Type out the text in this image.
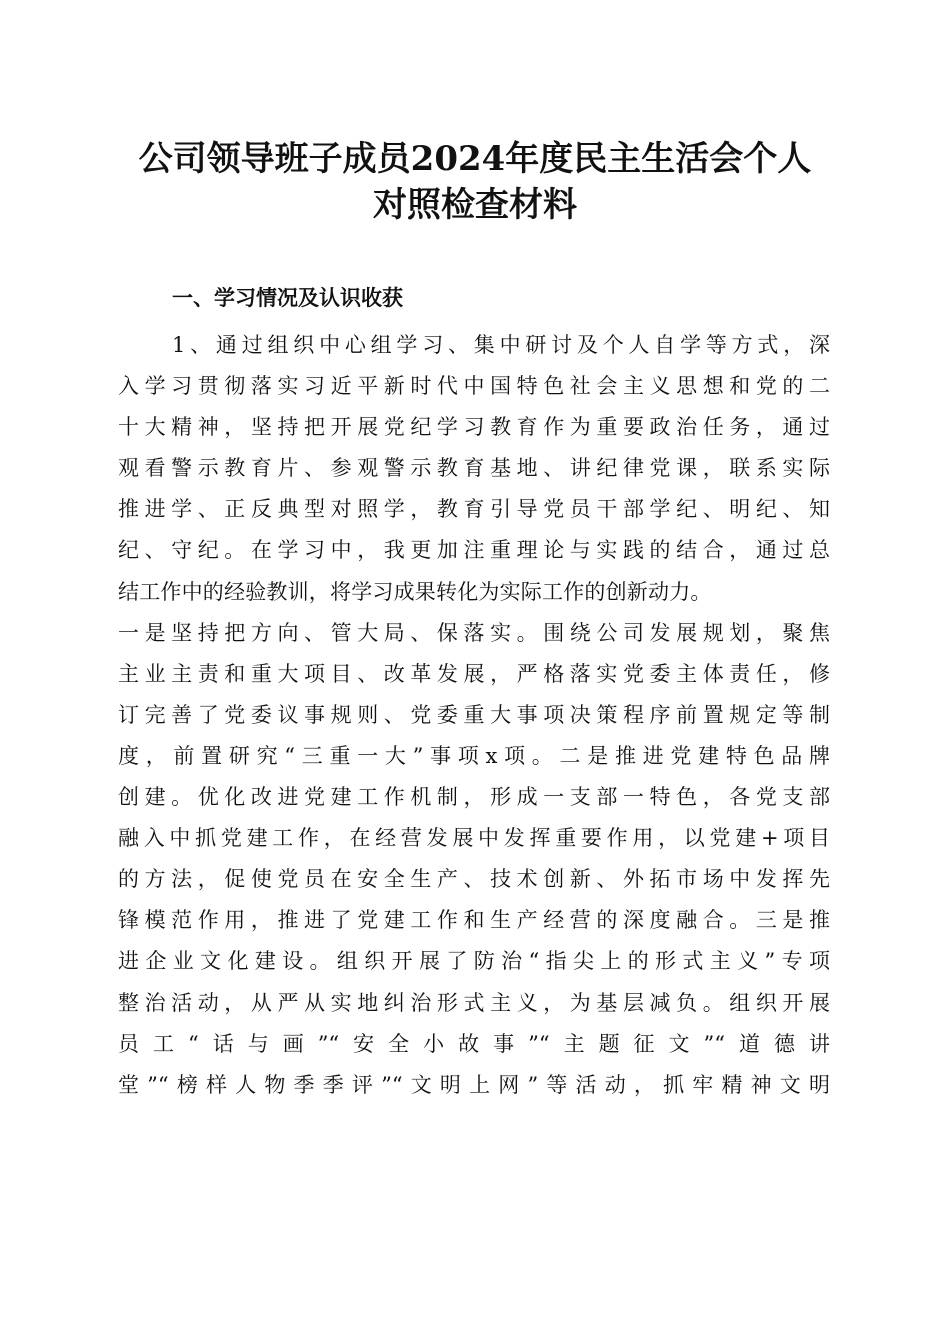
公司领导班子成员2024年度民主生活会个人
对照检查材料
一、学习情况及认识收获
1、通过组织中心组学习、集中研讨及个人自学等方式，深
入学习贯彻落实习近平新时代中国特色社会主义思想和党的二
十大精神，坚持把开展党纪学习教育作为重要政治任务，通过
观看警示教育片、参观警示教育基地、讲纪律党课，联系实际
推进学、正反典型对照学，教育引导党员干部学纪、明纪、知
纪、守纪。在学习中，我更加注重理论与实践的结合，通过总
结工作中的经验教训，将学习成果转化为实际工作的创新动力。
一是坚持把方向、管大局、保落实。围绕公司发展规划，聚焦
主业主责和重大项目、改革发展，严格落实党委主体责任，修
订完善了党委议事规则、党委重大事项决策程序前置规定等制
度，前置研究“三重一大”事项x项。二是推进党建特色品牌
创建。优化改进党建工作机制，形成一支部一特色，各党支部
融入中抓党建工作，在经营发展中发挥重要作用，以党建+项目
的方法，促使党员在安全生产、技术创新、外拓市场中发挥先
锋模范作用，推进了党建工作和生产经营的深度融合。三是推
进企业文化建设。组织开展了防治“指尖上的形式主义”专项
整治活动，从严从实地纠治形式主义，为基层减负。组织开展
员工“话与画”“安全小故事”“主题征文”“道德讲
堂”“榜样人物季季评”“文明上网”等活动，抓牢精神文明
